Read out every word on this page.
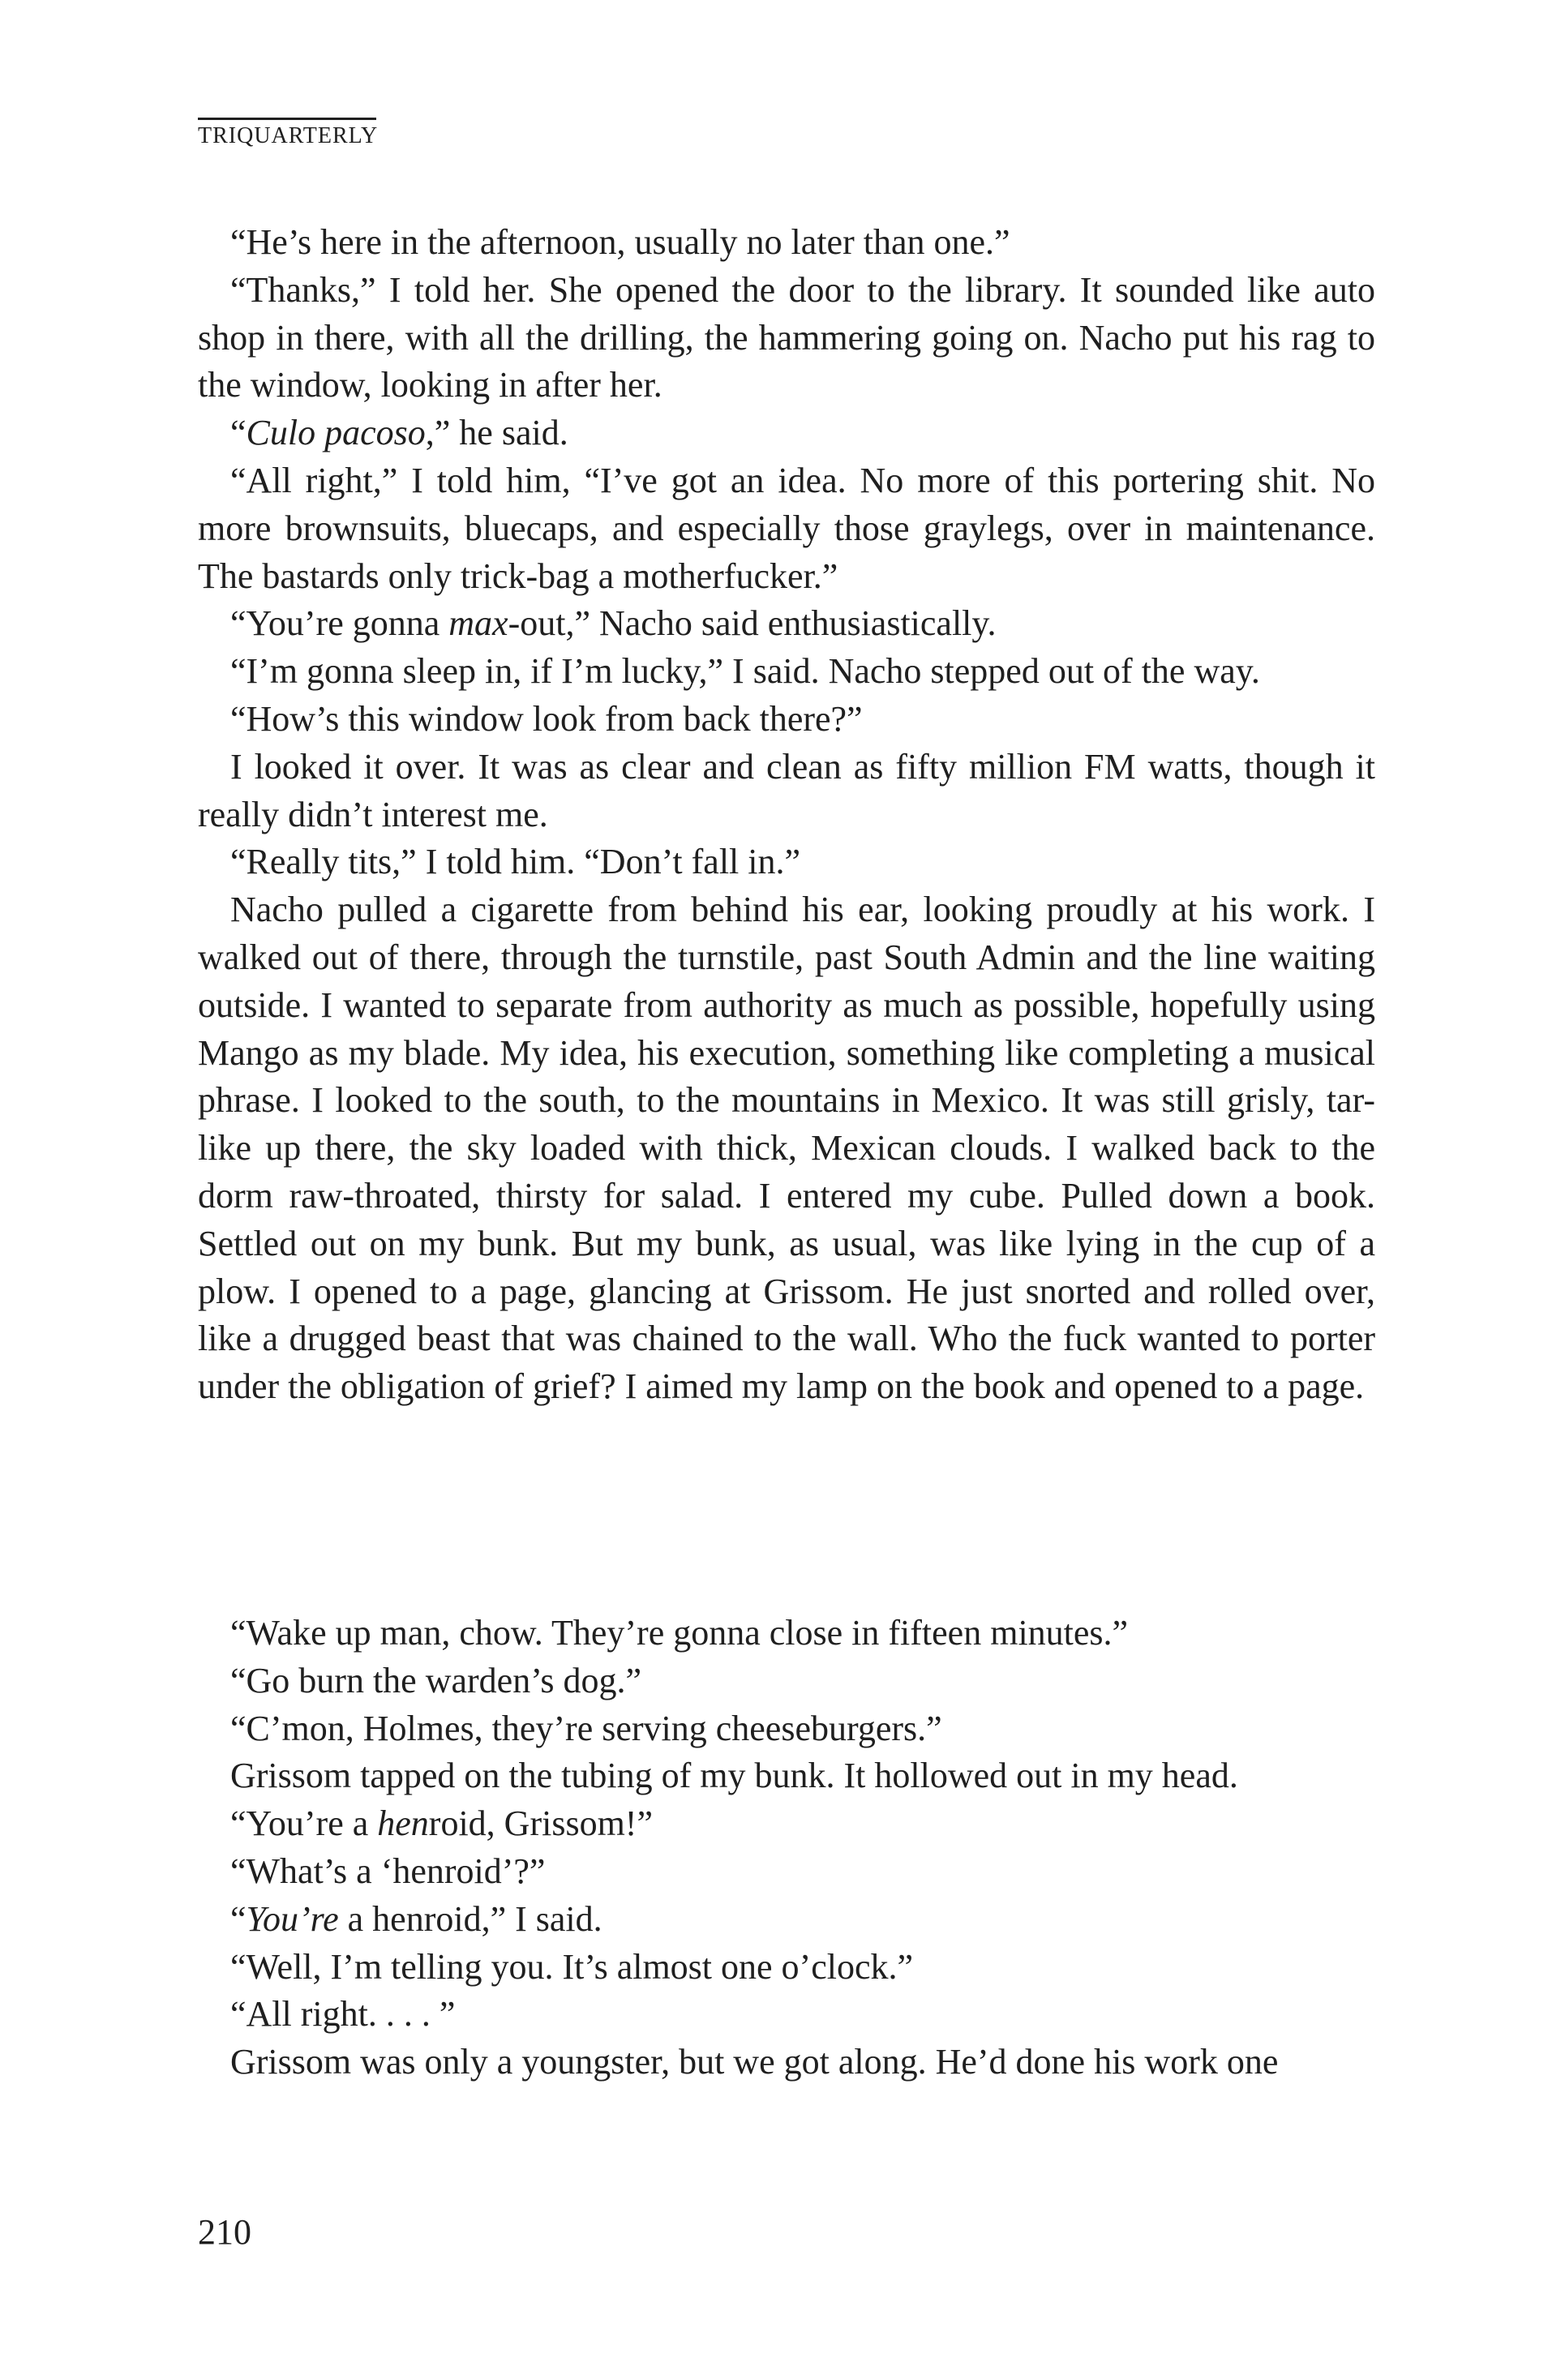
TRIQUARTERLY

“He’s here in the afternoon, usually no later than one.”

“Thanks,” I told her. She opened the door to the library. It sounded like auto shop in there, with all the drilling, the hammering going on. Nacho put his rag to the window, looking in after her.

“Culo pacoso,” he said.

“All right,” I told him, “I’ve got an idea. No more of this portering shit. No more brownsuits, bluecaps, and especially those graylegs, over in maintenance. The bastards only trick-bag a motherfucker.”

“You’re gonna max-out,” Nacho said enthusiastically.

“I’m gonna sleep in, if I’m lucky,” I said. Nacho stepped out of the way.

“How’s this window look from back there?”

I looked it over. It was as clear and clean as fifty million FM watts, though it really didn’t interest me.

“Really tits,” I told him. “Don’t fall in.”

Nacho pulled a cigarette from behind his ear, looking proudly at his work. I walked out of there, through the turnstile, past South Admin and the line waiting outside. I wanted to separate from authority as much as possible, hopefully using Mango as my blade. My idea, his execution, something like completing a musical phrase. I looked to the south, to the mountains in Mexico. It was still grisly, tar-like up there, the sky loaded with thick, Mexican clouds. I walked back to the dorm raw-throated, thirsty for salad. I entered my cube. Pulled down a book. Settled out on my bunk. But my bunk, as usual, was like lying in the cup of a plow. I opened to a page, glancing at Grissom. He just snorted and rolled over, like a drugged beast that was chained to the wall. Who the fuck wanted to porter under the obligation of grief? I aimed my lamp on the book and opened to a page.

“Wake up man, chow. They’re gonna close in fifteen minutes.”

“Go burn the warden’s dog.”

“C’mon, Holmes, they’re serving cheeseburgers.”

Grissom tapped on the tubing of my bunk. It hollowed out in my head.

“You’re a henroid, Grissom!”

“What’s a ‘henroid’?”

“You’re a henroid,” I said.

“Well, I’m telling you. It’s almost one o’clock.”

“All right. . . . ”

Grissom was only a youngster, but we got along. He’d done his work one

210
